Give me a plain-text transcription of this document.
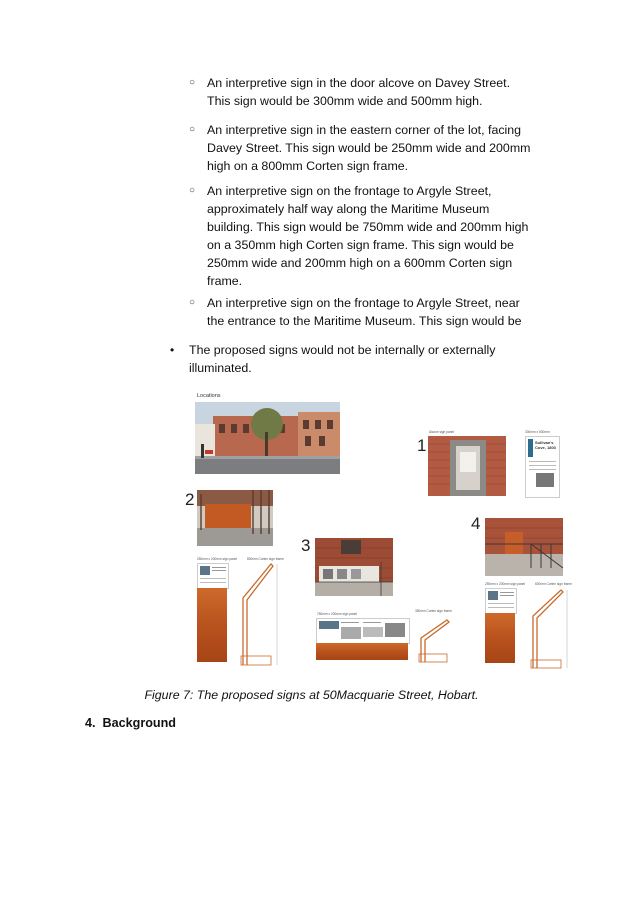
○ An interpretive sign in the door alcove on Davey Street.
This sign would be 300mm wide and 500mm high.
○ An interpretive sign in the eastern corner of the lot, facing
Davey Street. This sign would be 250mm wide and 200mm
high on a 800mm Corten sign frame.
○ An interpretive sign on the frontage to Argyle Street,
approximately half way along the Maritime Museum
building. This sign would be 750mm wide and 200mm high
on a 350mm high Corten sign frame. This sign would be
250mm wide and 200mm high on a 600mm Corten sign
frame.
○ An interpretive sign on the frontage to Argyle Street, near
the entrance to the Maritime Museum. This sign would be
• The proposed signs would not be internally or externally
illuminated.
Locations
1
Alcove sign panel	300mm x 500mm
Sullivan's Cove, 1803
2
250mm x 200mm sign panel	800mm Corten sign frame
3
750mm x 200mm sign panel
350mm Corten sign frame
4
250mm x 200mm sign panel	600mm Corten sign frame
Figure 7: The proposed signs at 50Macquarie Street, Hobart.
4. Background
